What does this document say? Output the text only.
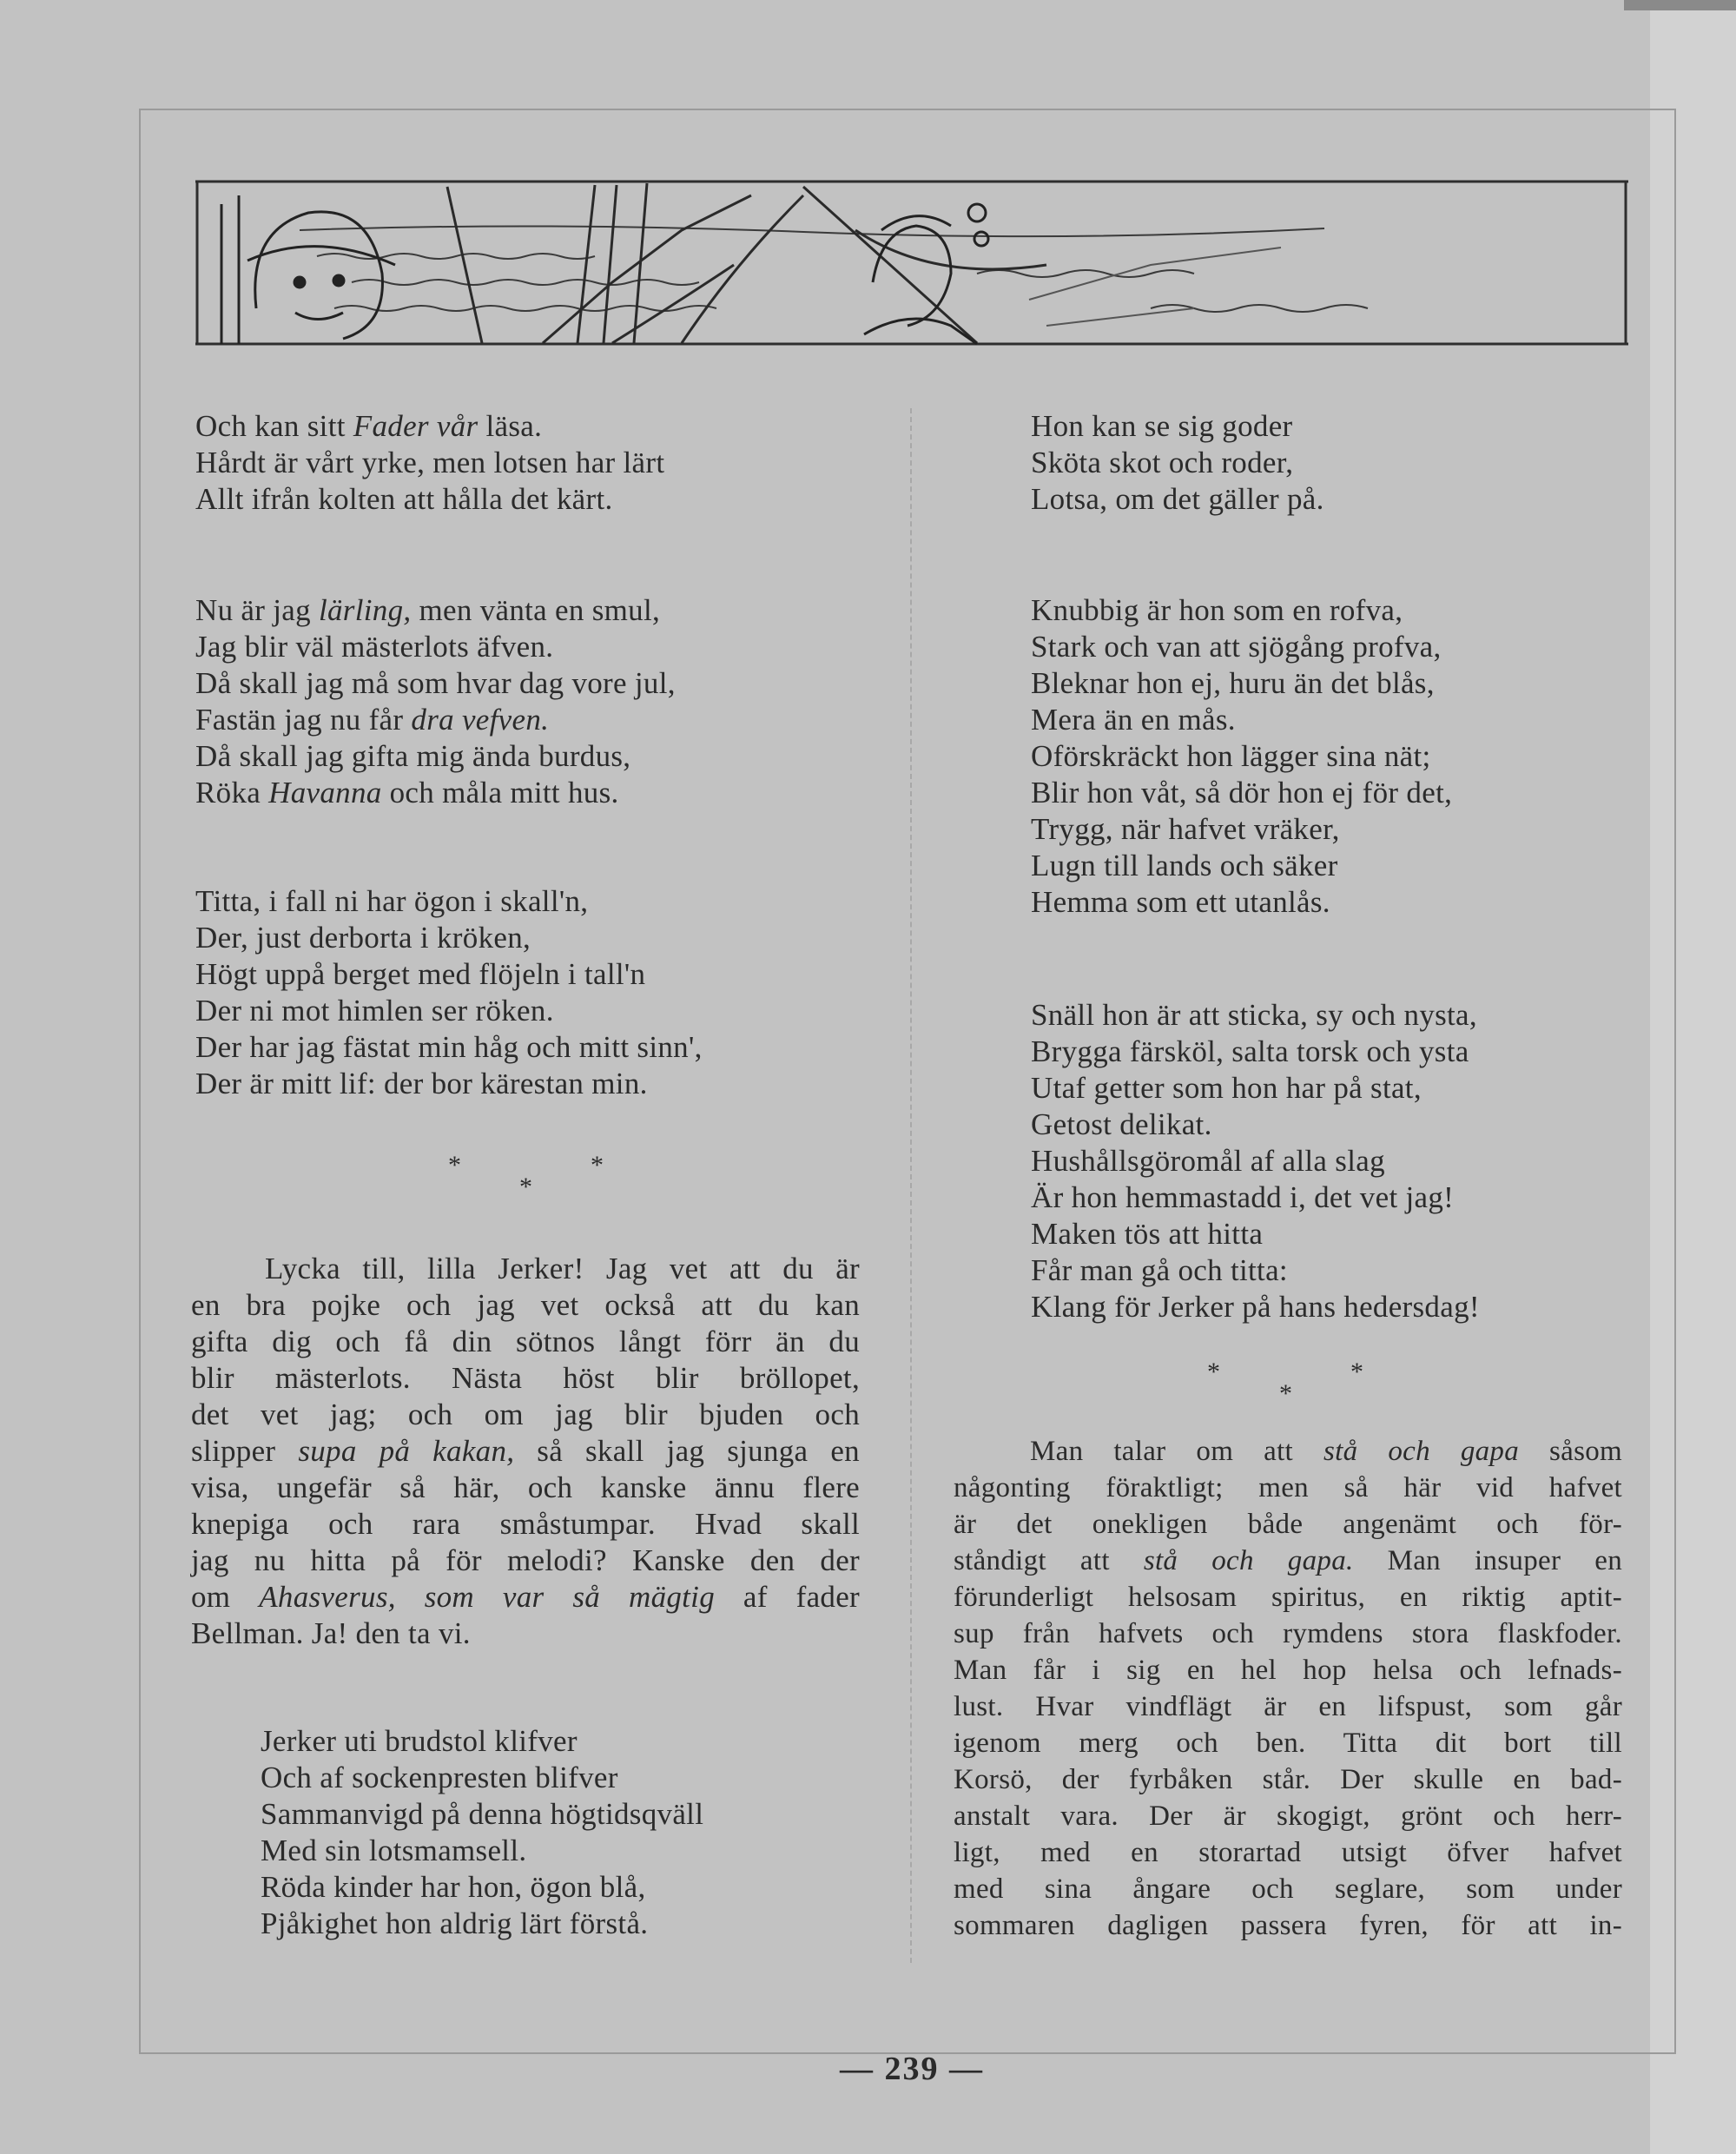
Och kan sitt Fader vår läsa.
Hårdt är vårt yrke, men lotsen har lärt
Allt ifrån kolten att hålla det kärt.
Nu är jag lärling, men vänta en smul,
Jag blir väl mästerlots äfven.
Då skall jag må som hvar dag vore jul,
Fastän jag nu får dra vefven.
Då skall jag gifta mig ända burdus,
Röka Havanna och måla mitt hus.
Titta, i fall ni har ögon i skall'n,
Der, just derborta i kröken,
Högt uppå berget med flöjeln i tall'n
Der ni mot himlen ser röken.
Der har jag fästat min håg och mitt sinn',
Der är mitt lif: der bor kärestan min.
*	*
*
Lycka till, lilla Jerker! Jag vet att du är
en bra pojke och jag vet också att du kan
gifta dig och få din sötnos långt förr än du
blir mästerlots. Nästa höst blir bröllopet,
det vet jag; och om jag blir bjuden och
slipper supa på kakan, så skall jag sjunga en
visa, ungefär så här, och kanske ännu flere
knepiga och rara småstumpar. Hvad skall
jag nu hitta på för melodi? Kanske den der
om Ahasverus, som var så mägtig af fader
Bellman. Ja! den ta vi.
Jerker uti brudstol klifver
Och af sockenpresten blifver
Sammanvigd på denna högtidsqväll
Med sin lotsmamsell.
Röda kinder har hon, ögon blå,
Pjåkighet hon aldrig lärt förstå.
Hon kan se sig goder
Sköta skot och roder,
Lotsa, om det gäller på.
Knubbig är hon som en rofva,
Stark och van att sjögång profva,
Bleknar hon ej, huru än det blås,
Mera än en mås.
Oförskräckt hon lägger sina nät;
Blir hon våt, så dör hon ej för det,
Trygg, när hafvet vräker,
Lugn till lands och säker
Hemma som ett utanlås.
Snäll hon är att sticka, sy och nysta,
Brygga färsköl, salta torsk och ysta
Utaf getter som hon har på stat,
Getost delikat.
Hushållsgöromål af alla slag
Är hon hemmastadd i, det vet jag!
Maken tös att hitta
Får man gå och titta:
Klang för Jerker på hans hedersdag!
*	*
*
Man talar om att stå och gapa såsom
någonting föraktligt; men så här vid hafvet
är det onekligen både angenämt och för-
ståndigt att stå och gapa. Man insuper en
förunderligt helsosam spiritus, en riktig aptit-
sup från hafvets och rymdens stora flaskfoder.
Man får i sig en hel hop helsa och lefnads-
lust. Hvar vindflägt är en lifspust, som går
igenom merg och ben. Titta dit bort till
Korsö, der fyrbåken står. Der skulle en bad-
anstalt vara. Der är skogigt, grönt och herr-
ligt, med en storartad utsigt öfver hafvet
med sina ångare och seglare, som under
sommaren dagligen passera fyren, för att in-
— 239 —
